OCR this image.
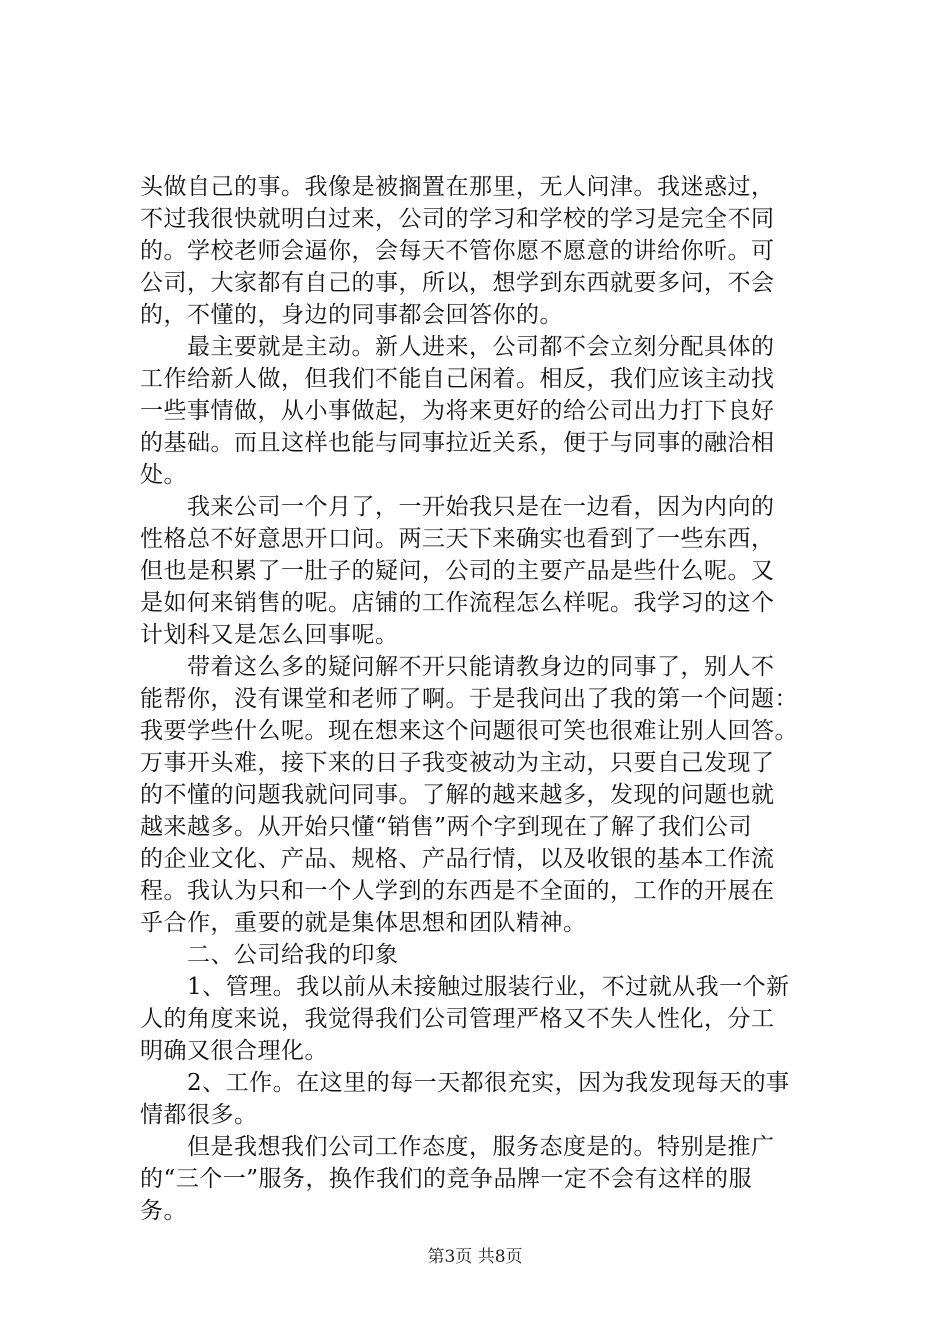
头做自己的事。我像是被搁置在那里，无人问津。我迷惑过，
不过我很快就明白过来，公司的学习和学校的学习是完全不同
的。学校老师会逼你，会每天不管你愿不愿意的讲给你听。可
公司，大家都有自己的事，所以，想学到东西就要多问，不会
的，不懂的，身边的同事都会回答你的。
　　最主要就是主动。新人进来，公司都不会立刻分配具体的
工作给新人做，但我们不能自己闲着。相反，我们应该主动找
一些事情做，从小事做起，为将来更好的给公司出力打下良好
的基础。而且这样也能与同事拉近关系，便于与同事的融洽相
处。
　　我来公司一个月了，一开始我只是在一边看，因为内向的
性格总不好意思开口问。两三天下来确实也看到了一些东西，
但也是积累了一肚子的疑问，公司的主要产品是些什么呢。又
是如何来销售的呢。店铺的工作流程怎么样呢。我学习的这个
计划科又是怎么回事呢。
　　带着这么多的疑问解不开只能请教身边的同事了，别人不
能帮你，没有课堂和老师了啊。于是我问出了我的第一个问题：
我要学些什么呢。现在想来这个问题很可笑也很难让别人回答。
万事开头难，接下来的日子我变被动为主动，只要自己发现了
的不懂的问题我就问同事。了解的越来越多，发现的问题也就
越来越多。从开始只懂“销售”两个字到现在了解了我们公司
的企业文化、产品、规格、产品行情，以及收银的基本工作流
程。我认为只和一个人学到的东西是不全面的，工作的开展在
乎合作，重要的就是集体思想和团队精神。
　　二、公司给我的印象
　　1、管理。我以前从未接触过服装行业，不过就从我一个新
人的角度来说，我觉得我们公司管理严格又不失人性化，分工
明确又很合理化。
　　2、工作。在这里的每一天都很充实，因为我发现每天的事
情都很多。
　　但是我想我们公司工作态度，服务态度是的。特别是推广
的“三个一”服务，换作我们的竞争品牌一定不会有这样的服
务。
第3页 共8页
